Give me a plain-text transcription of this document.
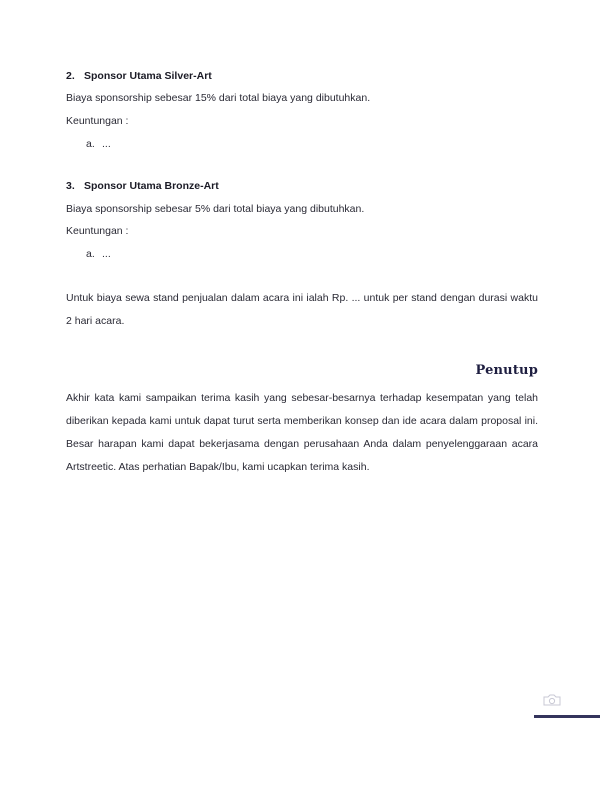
2. Sponsor Utama Silver-Art
Biaya sponsorship sebesar 15% dari total biaya yang dibutuhkan.
Keuntungan :
a. ...
3. Sponsor Utama Bronze-Art
Biaya sponsorship sebesar 5% dari total biaya yang dibutuhkan.
Keuntungan :
a. ...
Untuk biaya sewa stand penjualan dalam acara ini ialah Rp. ... untuk per stand dengan durasi waktu 2 hari acara.
Penutup
Akhir kata kami sampaikan terima kasih yang sebesar-besarnya terhadap kesempatan yang telah diberikan kepada kami untuk dapat turut serta memberikan konsep dan ide acara dalam proposal ini. Besar harapan kami dapat bekerjasama dengan perusahaan Anda dalam penyelenggaraan acara Artstreetic. Atas perhatian Bapak/Ibu, kami ucapkan terima kasih.
